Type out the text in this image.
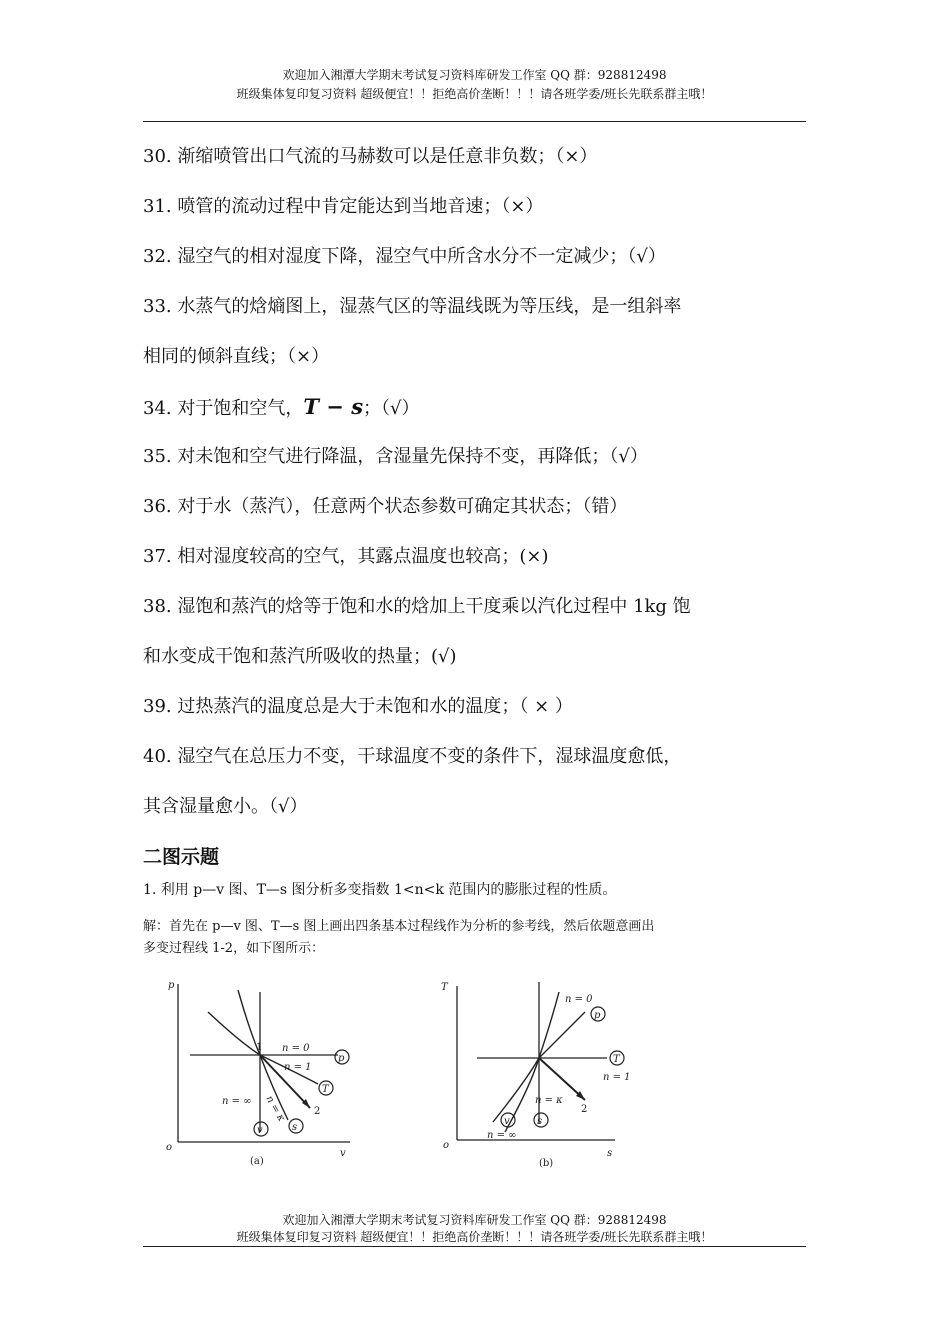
欢迎加入湘潭大学期末考试复习资料库研发工作室 QQ 群：928812498
班级集体复印复习资料 超级便宜！！拒绝高价垄断！！！请各班学委/班长先联系群主哦！
30. 渐缩喷管出口气流的马赫数可以是任意非负数；（×）
31. 喷管的流动过程中肯定能达到当地音速；（×）
32. 湿空气的相对湿度下降，湿空气中所含水分不一定减少；（√）
33. 水蒸气的焓熵图上，湿蒸气区的等温线既为等压线，是一组斜率
相同的倾斜直线；（×）
34. 对于饱和空气，T − s；（√）
35. 对未饱和空气进行降温，含湿量先保持不变，再降低；（√）
36. 对于水（蒸汽），任意两个状态参数可确定其状态；（错）
37. 相对湿度较高的空气，其露点温度也较高；(×)
38. 湿饱和蒸汽的焓等于饱和水的焓加上干度乘以汽化过程中 1kg 饱
和水变成干饱和蒸汽所吸收的热量；(√)
39. 过热蒸汽的温度总是大于未饱和水的温度；（ × ）
40. 湿空气在总压力不变，干球温度不变的条件下，湿球温度愈低，
其含湿量愈小。（√）
二图示题
1. 利用 p—v 图、T—s 图分析多变指数 1<n<k 范围内的膨胀过程的性质。
解：首先在 p—v 图、T—s 图上画出四条基本过程线作为分析的参考线，然后依题意画出
多变过程线 1-2，如下图所示：
p
v
o
1
2
n = 0
n = 1
n = ∞ n = κ
p
T
v	s
(a)
T
s
o
2
n = 0
n = 1
n = κ
n = ∞
p
T
v	s
(b)
欢迎加入湘潭大学期末考试复习资料库研发工作室 QQ 群：928812498
班级集体复印复习资料 超级便宜！！拒绝高价垄断！！！请各班学委/班长先联系群主哦！
